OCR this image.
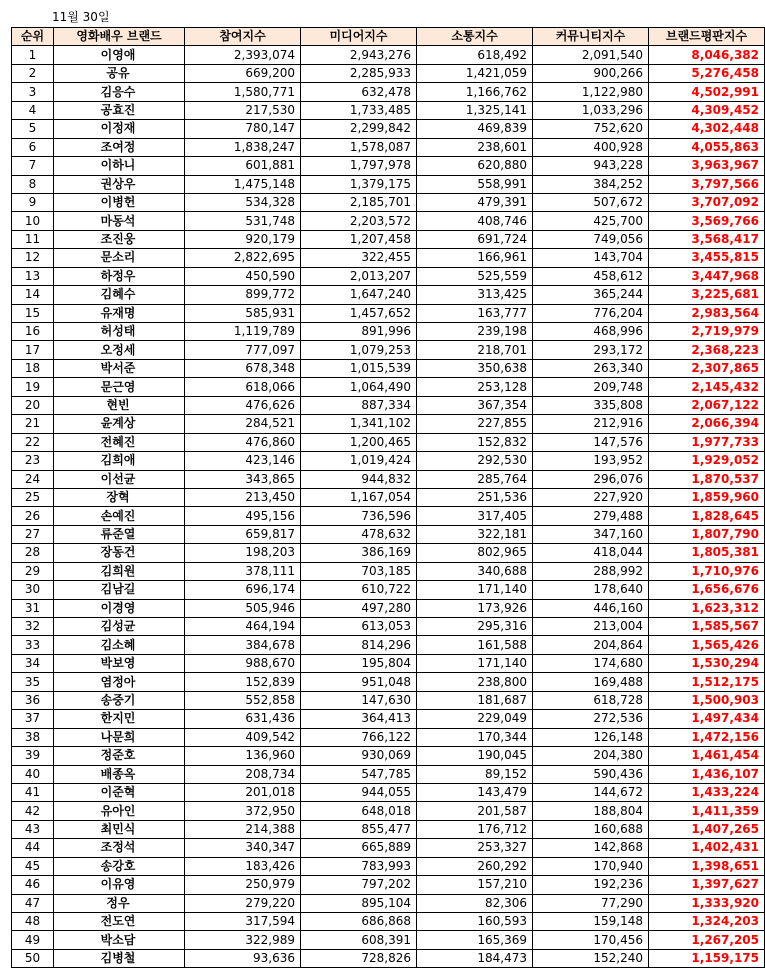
11월 30일
순위	영화배우 브랜드	참여지수	미디어지수	소통지수	커뮤니티지수	브랜드평판지수
1	이영애	2,393,074	2,943,276	618,492	2,091,540	8,046,382
2	공유	669,200	2,285,933	1,421,059	900,266	5,276,458
3	김응수	1,580,771	632,478	1,166,762	1,122,980	4,502,991
4	공효진	217,530	1,733,485	1,325,141	1,033,296	4,309,452
5	이정재	780,147	2,299,842	469,839	752,620	4,302,448
6	조여정	1,838,247	1,578,087	238,601	400,928	4,055,863
7	이하니	601,881	1,797,978	620,880	943,228	3,963,967
8	권상우	1,475,148	1,379,175	558,991	384,252	3,797,566
9	이병헌	534,328	2,185,701	479,391	507,672	3,707,092
10	마동석	531,748	2,203,572	408,746	425,700	3,569,766
11	조진웅	920,179	1,207,458	691,724	749,056	3,568,417
12	문소리	2,822,695	322,455	166,961	143,704	3,455,815
13	하정우	450,590	2,013,207	525,559	458,612	3,447,968
14	김혜수	899,772	1,647,240	313,425	365,244	3,225,681
15	유재명	585,931	1,457,652	163,777	776,204	2,983,564
16	허성태	1,119,789	891,996	239,198	468,996	2,719,979
17	오정세	777,097	1,079,253	218,701	293,172	2,368,223
18	박서준	678,348	1,015,539	350,638	263,340	2,307,865
19	문근영	618,066	1,064,490	253,128	209,748	2,145,432
20	현빈	476,626	887,334	367,354	335,808	2,067,122
21	윤계상	284,521	1,341,102	227,855	212,916	2,066,394
22	전혜진	476,860	1,200,465	152,832	147,576	1,977,733
23	김희애	423,146	1,019,424	292,530	193,952	1,929,052
24	이선균	343,865	944,832	285,764	296,076	1,870,537
25	장혁	213,450	1,167,054	251,536	227,920	1,859,960
26	손예진	495,156	736,596	317,405	279,488	1,828,645
27	류준열	659,817	478,632	322,181	347,160	1,807,790
28	장동건	198,203	386,169	802,965	418,044	1,805,381
29	김희원	378,111	703,185	340,688	288,992	1,710,976
30	김남길	696,174	610,722	171,140	178,640	1,656,676
31	이경영	505,946	497,280	173,926	446,160	1,623,312
32	김성균	464,194	613,053	295,316	213,004	1,585,567
33	김소혜	384,678	814,296	161,588	204,864	1,565,426
34	박보영	988,670	195,804	171,140	174,680	1,530,294
35	염정아	152,839	951,048	238,800	169,488	1,512,175
36	송중기	552,858	147,630	181,687	618,728	1,500,903
37	한지민	631,436	364,413	229,049	272,536	1,497,434
38	나문희	409,542	766,122	170,344	126,148	1,472,156
39	정준호	136,960	930,069	190,045	204,380	1,461,454
40	배종옥	208,734	547,785	89,152	590,436	1,436,107
41	이준혁	201,018	944,055	143,479	144,672	1,433,224
42	유아인	372,950	648,018	201,587	188,804	1,411,359
43	최민식	214,388	855,477	176,712	160,688	1,407,265
44	조정석	340,347	665,889	253,327	142,868	1,402,431
45	송강호	183,426	783,993	260,292	170,940	1,398,651
46	이유영	250,979	797,202	157,210	192,236	1,397,627
47	정우	279,220	895,104	82,306	77,290	1,333,920
48	전도연	317,594	686,868	160,593	159,148	1,324,203
49	박소담	322,989	608,391	165,369	170,456	1,267,205
50	김병철	93,636	728,826	184,473	152,240	1,159,175
